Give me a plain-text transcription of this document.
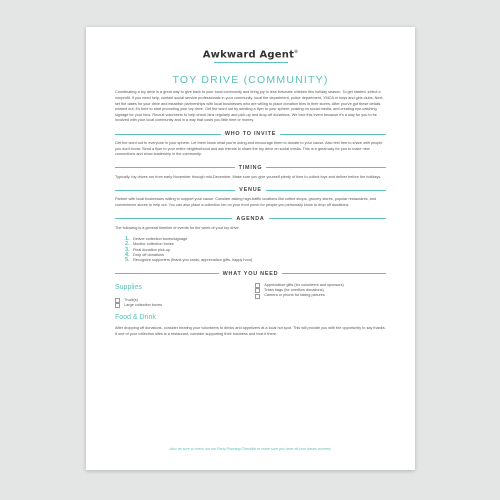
Awkward Agent®
TOY DRIVE (COMMUNITY)

Coordinating a toy drive is a great way to give back to your local community and bring joy to less fortunate children this holiday season. To get started, select a nonprofit. If you need help, contact social service professionals in your community, local fire department, police department, YMCA or boys and girls clubs. Next, set the dates for your drive and establish partnerships with local businesses who are willing to place donation bins in their stores. After you've got these details worked out, it's time to start promoting your toy drive. Get the word out by sending a flyer to your sphere, posting on social media, and creating eye-catching signage for your bins. Recruit volunteers to help check bins regularly and pick-up and drop-off donations. We love this event because it's a way for you to be involved with your local community and in a way that costs you little time or money.

WHO TO INVITE

Get the word out to everyone in your sphere. Let them know what you're doing and encourage them to donate to your cause. Also feel free to share with people you don't know. Send a flyer to your entire neighborhood and ask friends to share the toy drive on social media. This is a great way for you to make new connections and show leadership in the community.

TIMING

Typically, toy drives run from early November through mid-December. Make sure you give yourself plenty of time to collect toys and deliver before the holidays.

VENUE

Partner with local businesses willing to support your cause. Consider asking high-traffic locations like coffee shops, grocery stores, popular restaurants, and convenience stores to help out. You can also place a collection bin on your front porch for people you personally know to drop off donations.

AGENDA

The following is a general timeline of events for the week of your toy drive.

1. Deliver collection boxes/signage
2. Monitor collection boxes
3. Final donation pick-up
4. Drop off donations
5. Recognize supporters (thank you cards, appreciation gifts, happy hour)
WHAT YOU NEED
Supplies
Truck(s)
Large collection boxes
Appreciation gifts (for volunteers and sponsors)
Trash bags (for overflow donations)
Camera or phone for taking pictures
Food & Drink

After dropping off donations, consider treating your volunteers to drinks and appetizers at a local hot spot. This will provide you with the opportunity to say thanks. If one of your collection sites is a restaurant, consider supporting their business and host it there.

Also be sure to check out our Party Planning Checklist to make sure you have all your bases covered.
